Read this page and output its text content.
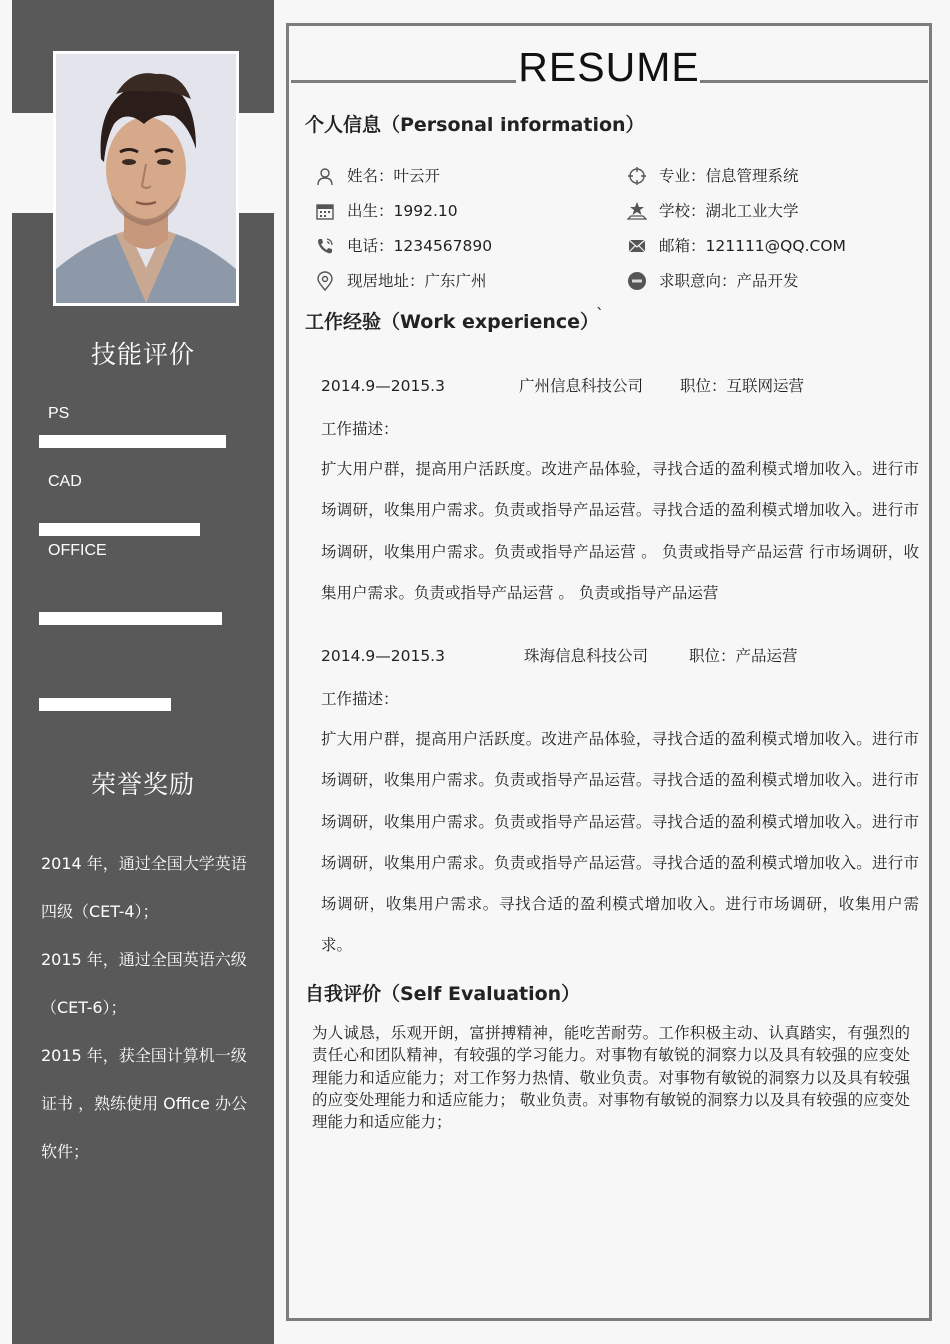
技能评价
PS
CAD
OFFICE
荣誉奖励

2014 年，通过全国大学英语四级（CET-4）；

2015 年，通过全国英语六级（CET-6）；

2015 年，获全国计算机一级证书 ，熟练使用 Office 办公软件；

RESUME
个人信息（Personal information）
姓名：叶云开
出生：1992.10
电话：1234567890
现居地址：广东广州
专业：信息管理系统
学校：湖北工业大学
邮箱：121111@QQ.COM
求职意向：产品开发
工作经验（Work experience）
`
2014.9—2015.3	广州信息科技公司 职位：互联网运营
工作描述：

扩大用户群，提高用户活跃度。改进产品体验，寻找合适的盈利模式增加收入。进行市场调研，收集用户需求。负责或指导产品运营。寻找合适的盈利模式增加收入。进行市场调研，收集用户需求。负责或指导产品运营 。 负责或指导产品运营 行市场调研，收集用户需求。负责或指导产品运营 。 负责或指导产品运营

2014.9—2015.3	珠海信息科技公司	职位：产品运营
工作描述：

扩大用户群，提高用户活跃度。改进产品体验，寻找合适的盈利模式增加收入。进行市场调研，收集用户需求。负责或指导产品运营。寻找合适的盈利模式增加收入。进行市场调研，收集用户需求。负责或指导产品运营。寻找合适的盈利模式增加收入。进行市场调研，收集用户需求。负责或指导产品运营。寻找合适的盈利模式增加收入。进行市场调研，收集用户需求。寻找合适的盈利模式增加收入。进行市场调研，收集用户需求。

自我评价（Self Evaluation）

为人诚恳，乐观开朗，富拼搏精神，能吃苦耐劳。工作积极主动、认真踏实，有强烈的责任心和团队精神，有较强的学习能力。对事物有敏锐的洞察力以及具有较强的应变处理能力和适应能力；对工作努力热情、敬业负责。对事物有敏锐的洞察力以及具有较强的应变处理能力和适应能力； 敬业负责。对事物有敏锐的洞察力以及具有较强的应变处理能力和适应能力；
